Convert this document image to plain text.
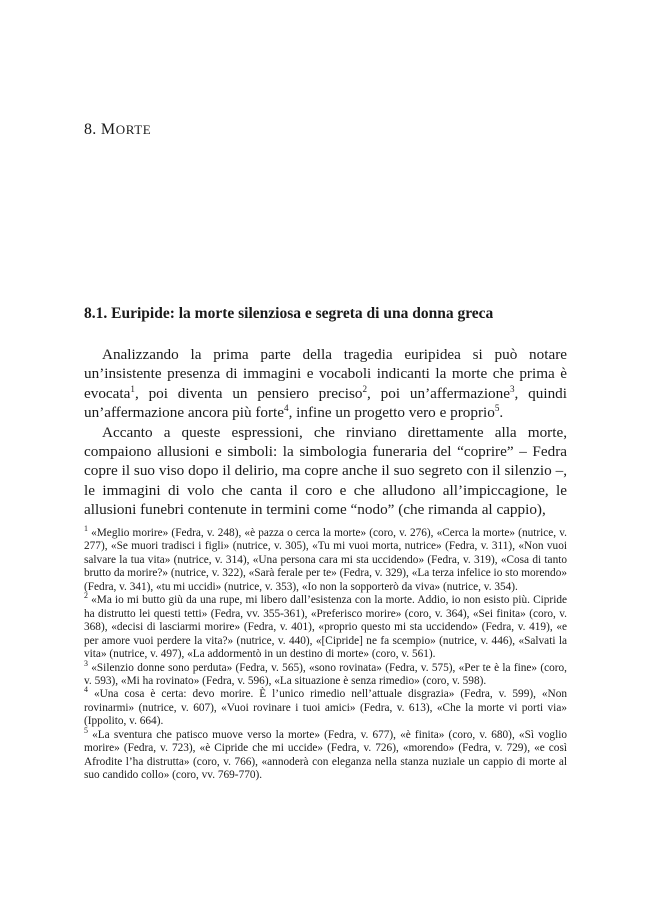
8. MORTE
8.1. Euripide: la morte silenziosa e segreta di una donna greca

Analizzando la prima parte della tragedia euripidea si può notare un’insistente presenza di immagini e vocaboli indicanti la morte che prima è evocata$^1$, poi diventa un pensiero preciso$^2$, poi un’affermazione$^3$, quindi un’affermazione ancora più forte$^4$, infine un progetto vero e proprio$^5$.

Accanto a queste espressioni, che rinviano direttamente alla morte, compaiono allusioni e simboli: la simbologia funeraria del “coprire” – Fedra copre il suo viso dopo il delirio, ma copre anche il suo segreto con il silenzio –, le immagini di volo che canta il coro e che alludono all’impiccagione, le allusioni funebri contenute in termini come “nodo” (che rimanda al cappio),

$^1$ «Meglio morire» (Fedra, v. 248), «è pazza o cerca la morte» (coro, v. 276), «Cerca la morte» (nutrice, v. 277), «Se muori tradisci i figli» (nutrice, v. 305), «Tu mi vuoi morta, nutrice» (Fedra, v. 311), «Non vuoi salvare la tua vita» (nutrice, v. 314), «Una persona cara mi sta uccidendo» (Fedra, v. 319), «Cosa di tanto brutto da morire?» (nutrice, v. 322), «Sarà ferale per te» (Fedra, v. 329), «La terza infelice io sto morendo» (Fedra, v. 341), «tu mi uccidi» (nutrice, v. 353), «Io non la sopporterò da viva» (nutrice, v. 354).

$^2$ «Ma io mi butto giù da una rupe, mi libero dall’esistenza con la morte. Addio, io non esisto più. Cipride ha distrutto lei questi tetti» (Fedra, vv. 355-361), «Preferisco morire» (coro, v. 364), «Sei finita» (coro, v. 368), «decisi di lasciarmi morire» (Fedra, v. 401), «proprio questo mi sta uccidendo» (Fedra, v. 419), «e per amore vuoi perdere la vita?» (nutrice, v. 440), «[Cipride] ne fa scempio» (nutrice, v. 446), «Salvati la vita» (nutrice, v. 497), «La addormentò in un destino di morte» (coro, v. 561).

$^3$ «Silenzio donne sono perduta» (Fedra, v. 565), «sono rovinata» (Fedra, v. 575), «Per te è la fine» (coro, v. 593), «Mi ha rovinato» (Fedra, v. 596), «La situazione è senza rimedio» (coro, v. 598).

$^4$ «Una cosa è certa: devo morire. È l’unico rimedio nell’attuale disgrazia» (Fedra, v. 599), «Non rovinarmi» (nutrice, v. 607), «Vuoi rovinare i tuoi amici» (Fedra, v. 613), «Che la morte vi porti via» (Ippolito, v. 664).

$^5$ «La sventura che patisco muove verso la morte» (Fedra, v. 677), «è finita» (coro, v. 680), «Sì voglio morire» (Fedra, v. 723), «è Cipride che mi uccide» (Fedra, v. 726), «morendo» (Fedra, v. 729), «e così Afrodite l’ha distrutta» (coro, v. 766), «annoderà con eleganza nella stanza nuziale un cappio di morte al suo candido collo» (coro, vv. 769-770).
